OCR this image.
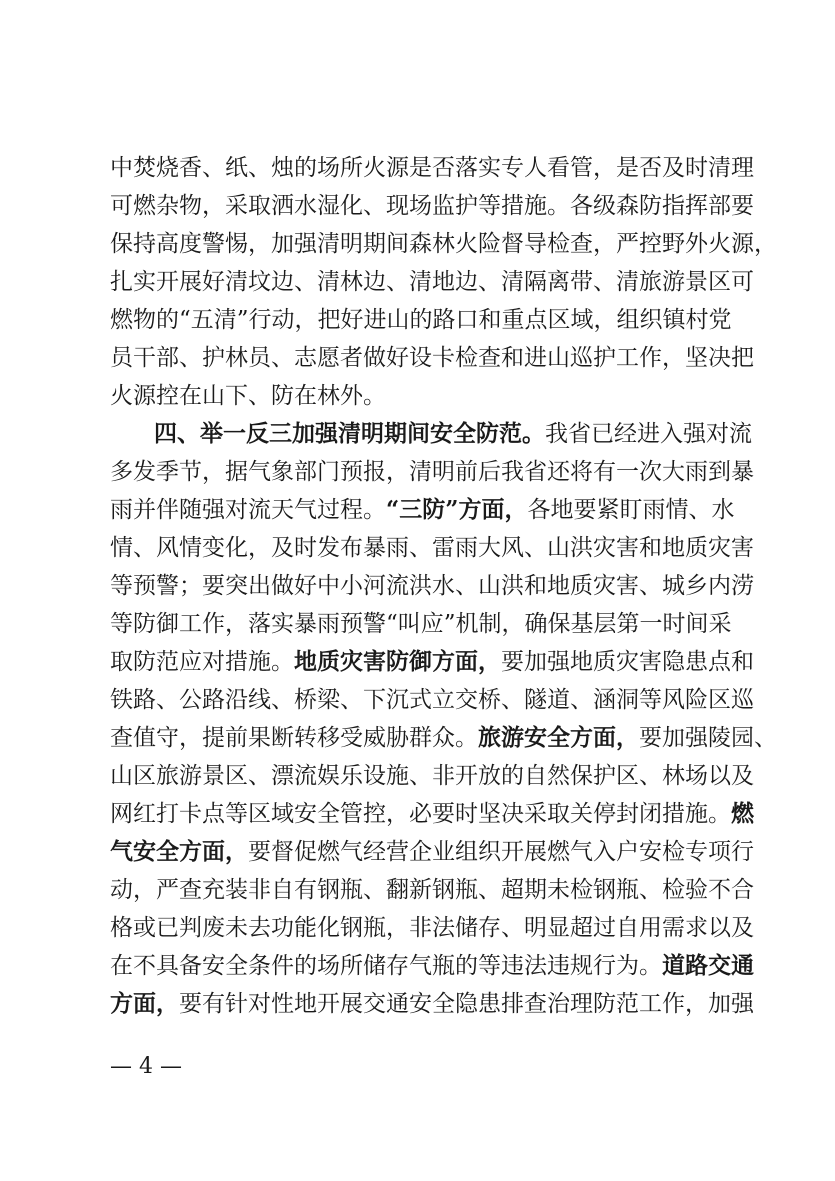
中焚烧香、纸、烛的场所火源是否落实专人看管，是否及时清理
可燃杂物，采取洒水湿化、现场监护等措施。各级森防指挥部要
保持高度警惕，加强清明期间森林火险督导检查，严控野外火源，
扎实开展好清坟边、清林边、清地边、清隔离带、清旅游景区可
燃物的“五清”行动，把好进山的路口和重点区域，组织镇村党
员干部、护林员、志愿者做好设卡检查和进山巡护工作，坚决把
火源控在山下、防在林外。
四、举一反三加强清明期间安全防范。我省已经进入强对流
多发季节，据气象部门预报，清明前后我省还将有一次大雨到暴
雨并伴随强对流天气过程。“三防”方面，各地要紧盯雨情、水
情、风情变化，及时发布暴雨、雷雨大风、山洪灾害和地质灾害
等预警；要突出做好中小河流洪水、山洪和地质灾害、城乡内涝
等防御工作，落实暴雨预警“叫应”机制，确保基层第一时间采
取防范应对措施。地质灾害防御方面，要加强地质灾害隐患点和
铁路、公路沿线、桥梁、下沉式立交桥、隧道、涵洞等风险区巡
查值守，提前果断转移受威胁群众。旅游安全方面，要加强陵园、
山区旅游景区、漂流娱乐设施、非开放的自然保护区、林场以及
网红打卡点等区域安全管控，必要时坚决采取关停封闭措施。燃
气安全方面，要督促燃气经营企业组织开展燃气入户安检专项行
动，严查充装非自有钢瓶、翻新钢瓶、超期未检钢瓶、检验不合
格或已判废未去功能化钢瓶，非法储存、明显超过自用需求以及
在不具备安全条件的场所储存气瓶的等违法违规行为。道路交通
方面，要有针对性地开展交通安全隐患排查治理防范工作，加强
— 4 —
